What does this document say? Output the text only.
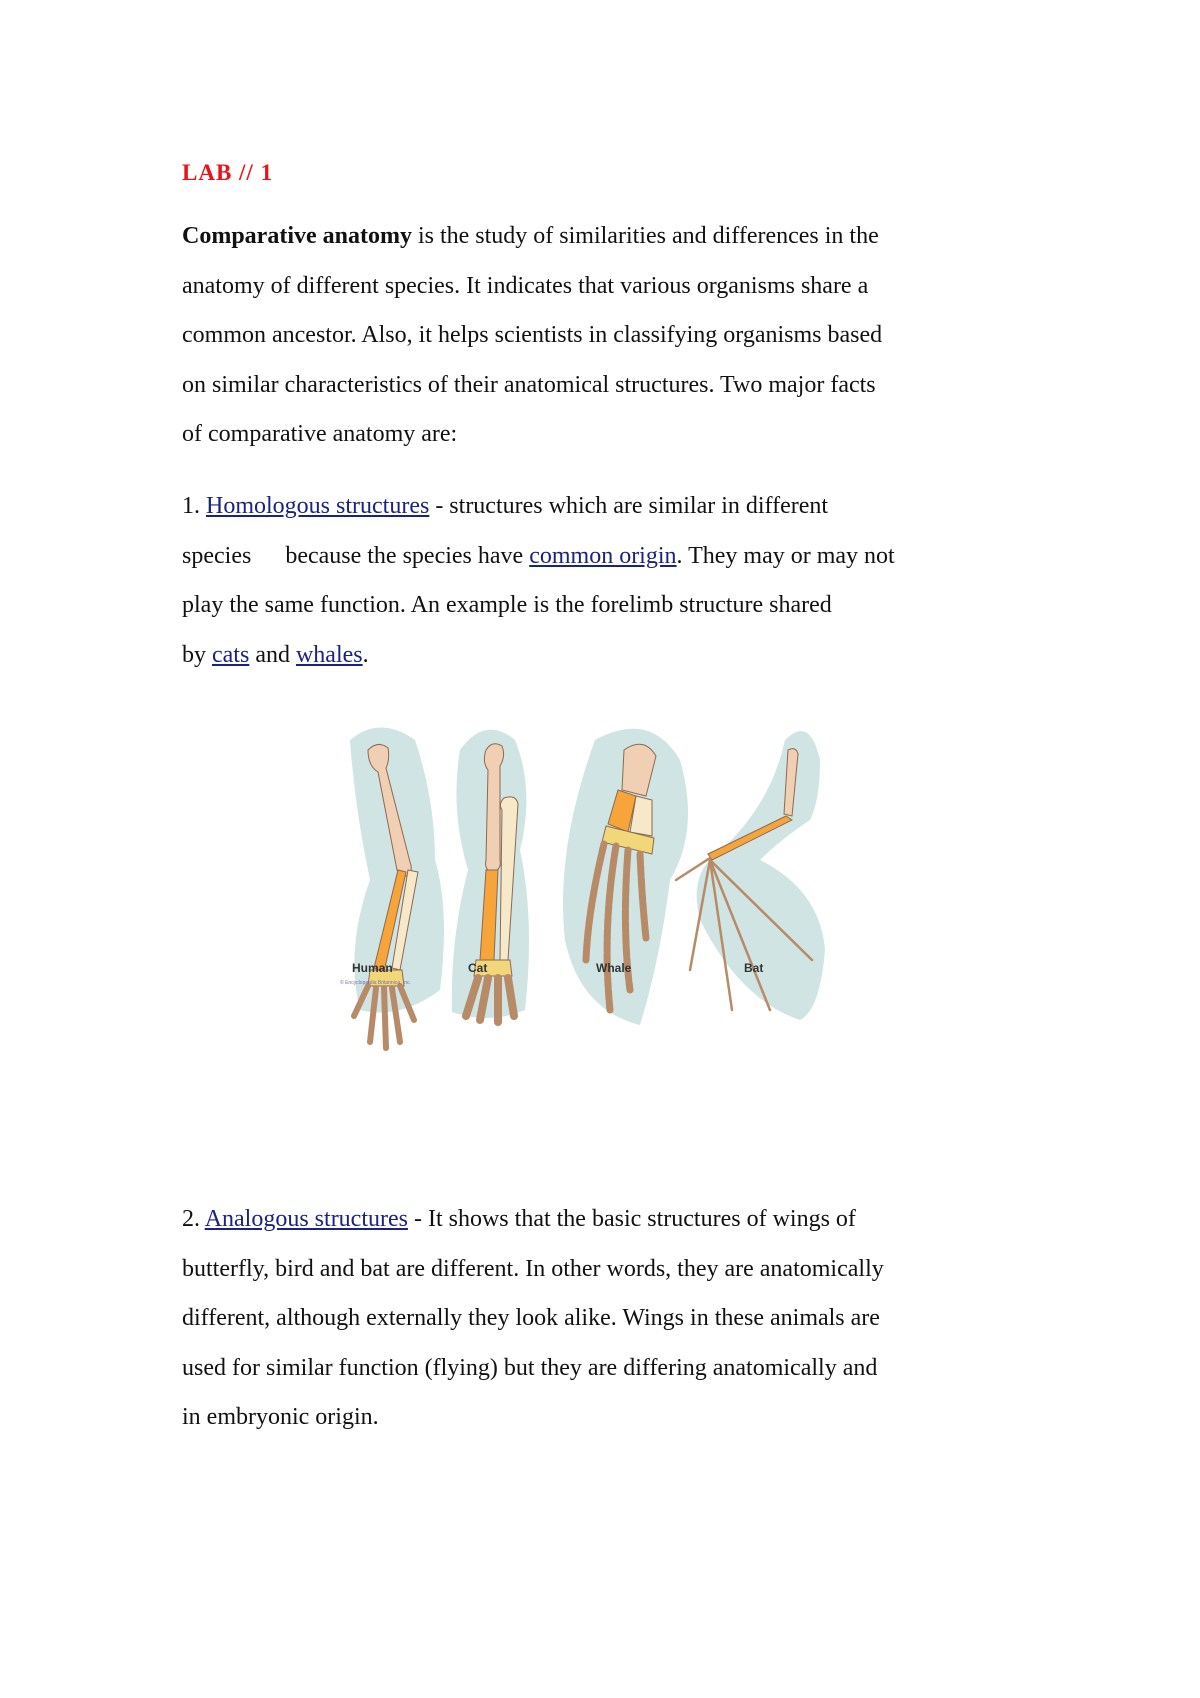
LAB // 1

Comparative anatomy is the study of similarities and differences in the
anatomy of different species. It indicates that various organisms share a
common ancestor. Also, it helps scientists in classifying organisms based
on similar characteristics of their anatomical structures. Two major facts
of comparative anatomy are:

1. Homologous structures - structures which are similar in different
species because the species have common origin. They may or may not
play the same function. An example is the forelimb structure shared
by cats and whales.

Human	Cat	Whale	Bat
© Encyclopædia Britannica, Inc.

2. Analogous structures - It shows that the basic structures of wings of
butterfly, bird and bat are different. In other words, they are anatomically
different, although externally they look alike. Wings in these animals are
used for similar function (flying) but they are differing anatomically and
in embryonic origin.
